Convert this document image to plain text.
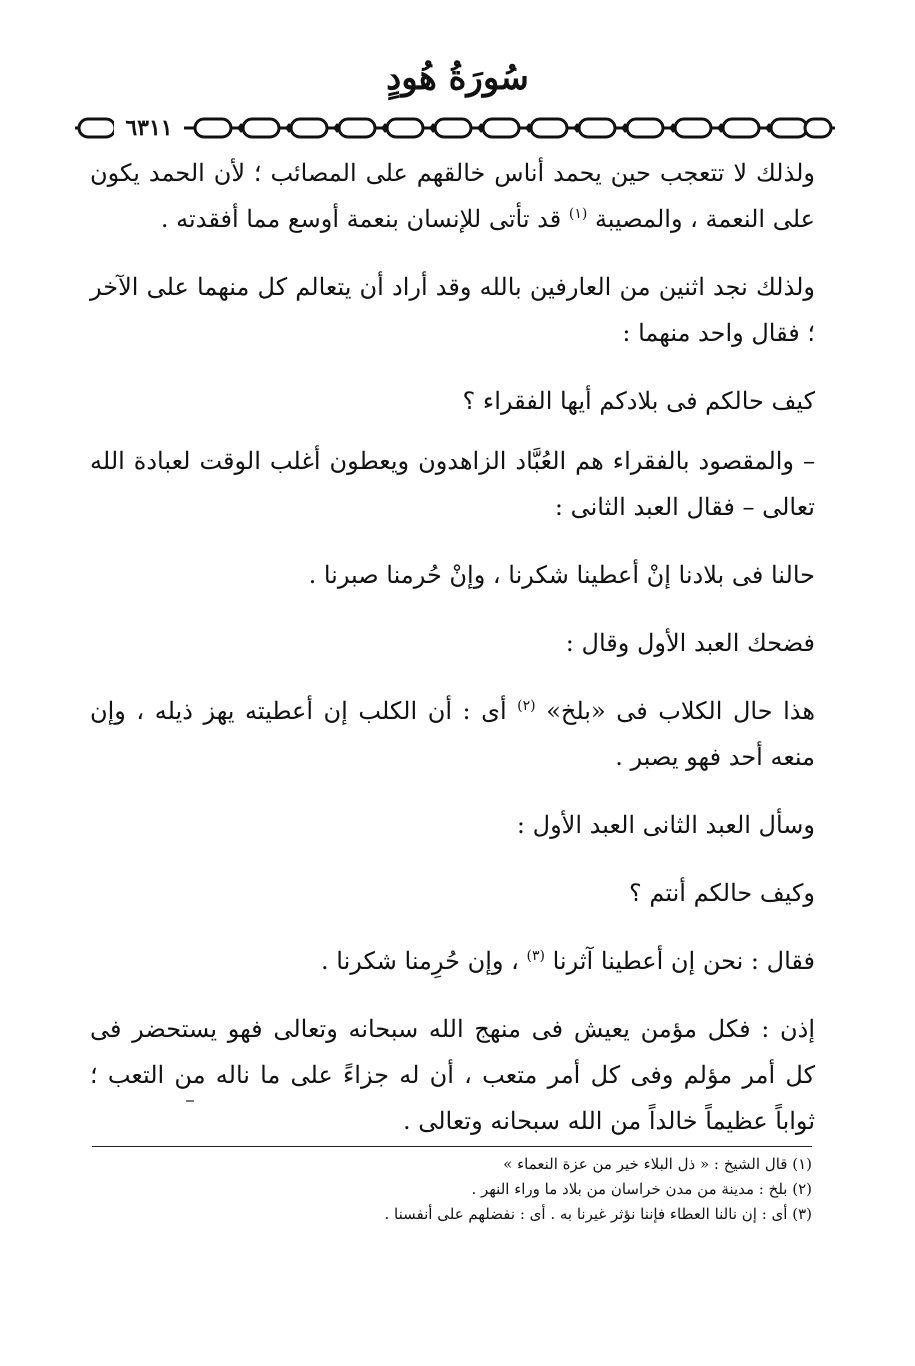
سُورَةُ هُودٍ
٦٣١١

ولذلك لا تتعجب حين يحمد أناس خالقهم على المصائب ؛ لأن الحمد يكون على النعمة ، والمصيبة $^{(١)}$ قد تأتى للإنسان بنعمة أوسع مما أفقدته .

ولذلك نجد اثنين من العارفين بالله وقد أراد أن يتعالم كل منهما على الآخر ؛ فقال واحد منهما :

كيف حالكم فى بلادكم أيها الفقراء ؟

– والمقصود بالفقراء هم العُبَّاد الزاهدون ويعطون أغلب الوقت لعبادة الله تعالى – فقال العبد الثانى :

حالنا فى بلادنا إنْ أعطينا شكرنا ، وإنْ حُرمنا صبرنا .

فضحك العبد الأول وقال :

هذا حال الكلاب فى «بلخ» $^{(٢)}$ أى : أن الكلب إن أعطيته يهز ذيله ، وإن منعه أحد فهو يصبر .

وسأل العبد الثانى العبد الأول :

وكيف حالكم أنتم ؟

فقال : نحن إن أعطينا آثرنا $^{(٣)}$ ، وإن حُرِمنا شكرنا .

إذن : فكل مؤمن يعيش فى منهج الله سبحانه وتعالى فهو يستحضر فى كل أمر مؤلم وفى كل أمر متعب ، أن له جزاءً على ما ناله من التعب ؛ ثواباً عظيماً خالداً من الله سبحانه وتعالى .

(١) قال الشيخ : « ذل البلاء خير من عزة النعماء »
(٢) بلخ : مدينة من مدن خراسان من بلاد ما وراء النهر .
(٣) أى : إن نالنا العطاء فإننا نؤثر غيرنا به . أى : نفضلهم على أنفسنا .
